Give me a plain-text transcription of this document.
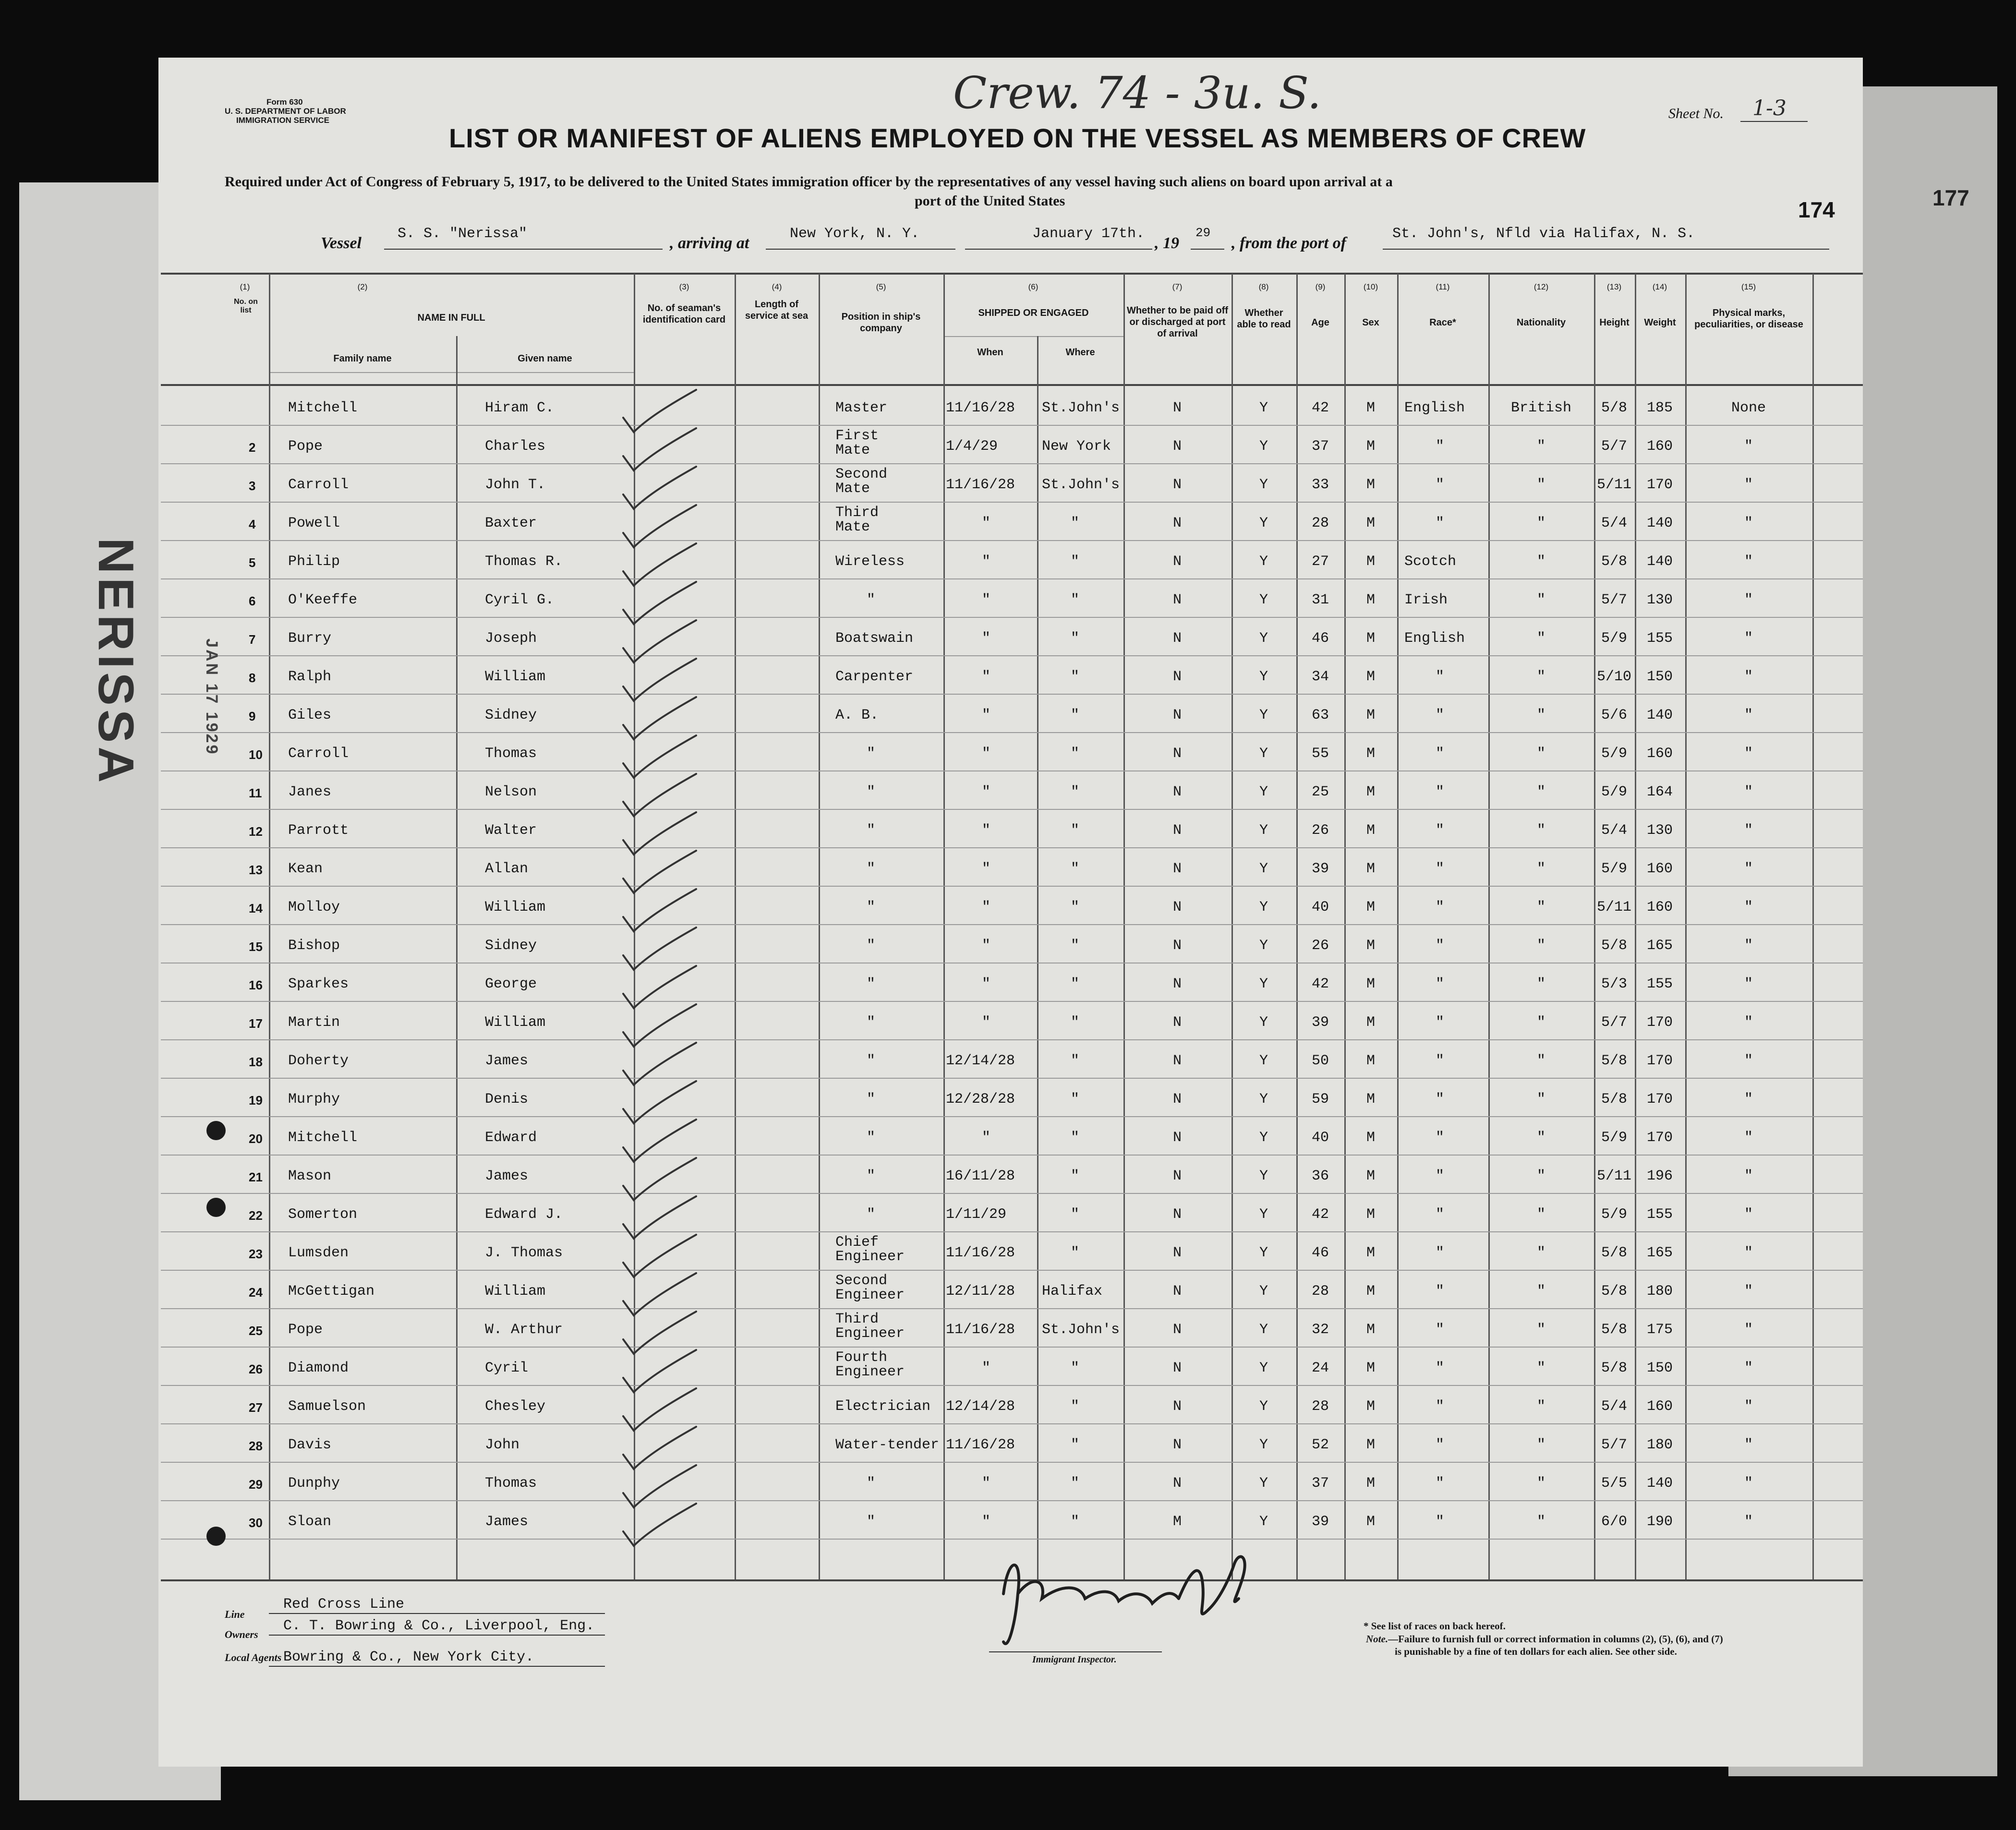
177
Form 630
U. S. DEPARTMENT OF LABOR
IMMIGRATION SERVICE
Crew. 74 - 3u. S.	Sheet No. 1-3
LIST OR MANIFEST OF ALIENS EMPLOYED ON THE VESSEL AS MEMBERS OF CREW
Required under Act of Congress of February 5, 1917, to be delivered to the United States immigration officer by the representatives of any vessel having such aliens on board upon arrival at a
port of the United States	174
Vessel
S. S. "Nerissa"
, arriving at
New York, N. Y.	January 17th.
, 19
29
, from the port of
St. John's, Nfld via Halifax, N. S.
(1)	(2)	(3)	(4)	(5)	(6)	(7)	(8)	(9)	(10)	(11)	(12)	(13)	(14)	(15)
No. on list
NAME IN FULL
Family name	Given name
No. of seaman's identification card
Length of service at sea	Position in ship's company
SHIPPED OR ENGAGED
When	Where
Whether to be paid off or discharged at port of arrival
Whether able to read	Age	Sex	Race*	Nationality	Height	Weight
Physical marks, peculiarities, or disease
Mitchell	Hiram C.	Master	11/16/28 St.John's	N	Y	42	M	English	British	5/8	185	None
2 Pope	Charles
First
Mate	1/4/29	New York	N	Y	37	M	"	"	5/7	160	"
3 Carroll	John T.
Second
Mate	11/16/28 St.John's	N	Y	33	M	"	"	5/11	170	"
4 Powell	Baxter
Third
Mate	"	"	N	Y	28	M	"	"	5/4	140	"
5 Philip	Thomas R.	Wireless	"	"	N	Y	27	M	Scotch	"	5/8	140	"
6 O'Keeffe	Cyril G.	"	"	"	N	Y	31	M	Irish	"	5/7	130	"
7 Burry	Joseph	Boatswain	"	"	N	Y	46	M	English	"	5/9	155	"
8 Ralph	William	Carpenter	"	"	N	Y	34	M	"	"	5/10	150	"
9 Giles	Sidney	A. B.	"	"	N	Y	63	M	"	"	5/6	140	"
10 Carroll	Thomas	"	"	"	N	Y	55	M	"	"	5/9	160	"
11 Janes	Nelson	"	"	"	N	Y	25	M	"	"	5/9	164	"
12 Parrott	Walter	"	"	"	N	Y	26	M	"	"	5/4	130	"
13 Kean	Allan	"	"	"	N	Y	39	M	"	"	5/9	160	"
14 Molloy	William	"	"	"	N	Y	40	M	"	"	5/11	160	"
15 Bishop	Sidney	"	"	"	N	Y	26	M	"	"	5/8	165	"
16 Sparkes	George	"	"	"	N	Y	42	M	"	"	5/3	155	"
17 Martin	William	"	"	"	N	Y	39	M	"	"	5/7	170	"
18 Doherty	James	"	12/14/28	"	N	Y	50	M	"	"	5/8	170	"
19 Murphy	Denis	"	12/28/28	"	N	Y	59	M	"	"	5/8	170	"
20 Mitchell	Edward	"	"	"	N	Y	40	M	"	"	5/9	170	"
21 Mason	James	"	16/11/28	"	N	Y	36	M	"	"	5/11	196	"
22 Somerton	Edward J.	"	1/11/29	"	N	Y	42	M	"	"	5/9	155	"
23 Lumsden	J. Thomas
Chief
Engineer	11/16/28	"	N	Y	46	M	"	"	5/8	165	"
24 McGettigan	William
Second
Engineer	12/11/28 Halifax	N	Y	28	M	"	"	5/8	180	"
25 Pope	W. Arthur
Third
Engineer	11/16/28 St.John's	N	Y	32	M	"	"	5/8	175	"
26 Diamond	Cyril
Fourth
Engineer	"	"	N	Y	24	M	"	"	5/8	150	"
27 Samuelson	Chesley	Electrician 12/14/28	"	N	Y	28	M	"	"	5/4	160	"
28 Davis	John	Water-tender 11/16/28	"	N	Y	52	M	"	"	5/7	180	"
29 Dunphy	Thomas	"	"	"	N	Y	37	M	"	"	5/5	140	"
30 Sloan	James	"	"	"	M	Y	39	M	"	"	6/0	190	"
NERISSA	JAN 17 1929
Line
Red Cross Line
Owners
C. T. Bowring & Co., Liverpool, Eng.
Local Agents Bowring & Co., New York City.	Immigrant Inspector.
* See list of races on back hereof.
Note.—Failure to furnish full or correct information in columns (2), (5), (6), and (7)
is punishable by a fine of ten dollars for each alien. See other side.
